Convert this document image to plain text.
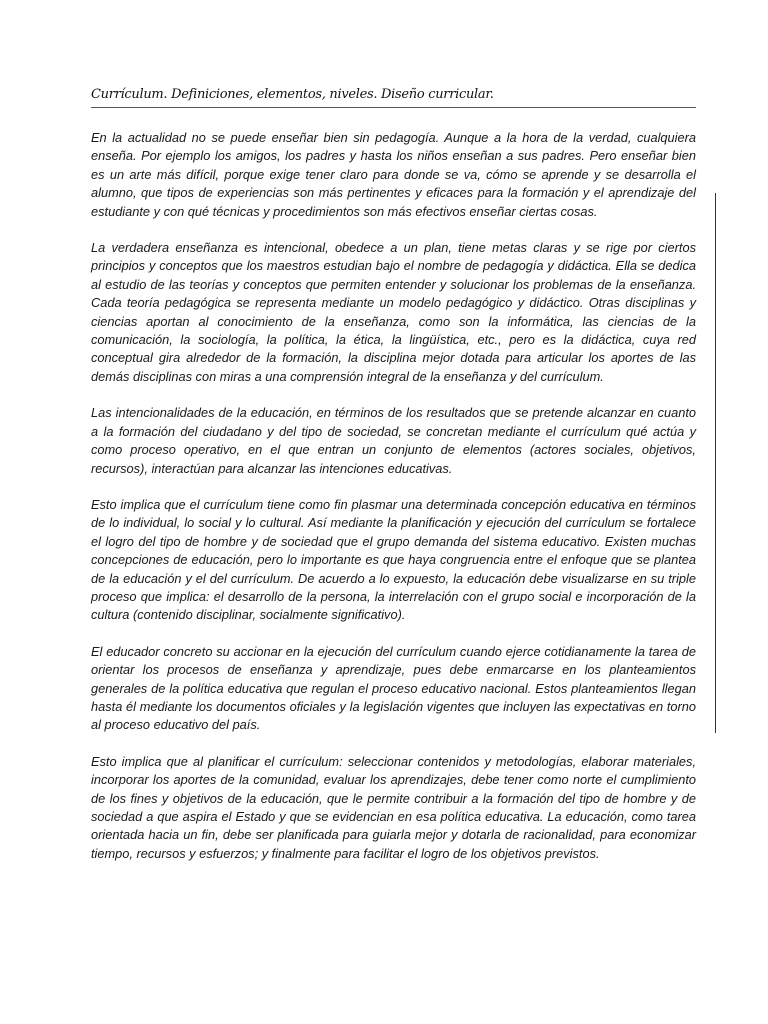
Currículum. Definiciones, elementos, niveles. Diseño curricular.

En la actualidad no se puede enseñar bien sin pedagogía. Aunque a la hora de la verdad, cualquiera enseña. Por ejemplo los amigos, los padres y hasta los niños enseñan a sus padres. Pero enseñar bien es un arte más difícil, porque exige tener claro para donde se va, cómo se aprende y se desarrolla el alumno, que tipos de experiencias son más pertinentes y eficaces para la formación y el aprendizaje del estudiante y con qué técnicas y procedimientos son más efectivos enseñar ciertas cosas.

La verdadera enseñanza es intencional, obedece a un plan, tiene metas claras y se rige por ciertos principios y conceptos que los maestros estudian bajo el nombre de pedagogía y didáctica. Ella se dedica al estudio de las teorías y conceptos que permiten entender y solucionar los problemas de la enseñanza. Cada teoría pedagógica se representa mediante un modelo pedagógico y didáctico. Otras disciplinas y ciencias aportan al conocimiento de la enseñanza, como son la informática, las ciencias de la comunicación, la sociología, la política, la ética, la lingüística, etc., pero es la didáctica, cuya red conceptual gira alrededor de la formación, la disciplina mejor dotada para articular los aportes de las demás disciplinas con miras a una comprensión integral de la enseñanza y del currículum.

Las intencionalidades de la educación, en términos de los resultados que se pretende alcanzar en cuanto a la formación del ciudadano y del tipo de sociedad, se concretan mediante el currículum qué actúa y como proceso operativo, en el que entran un conjunto de elementos (actores sociales, objetivos, recursos), interactúan para alcanzar las intenciones educativas.

Esto implica que el currículum tiene como fin plasmar una determinada concepción educativa en términos de lo individual, lo social y lo cultural. Así mediante la planificación y ejecución del currículum se fortalece el logro del tipo de hombre y de sociedad que el grupo demanda del sistema educativo. Existen muchas concepciones de educación, pero lo importante es que haya congruencia entre el enfoque que se plantea de la educación y el del currículum. De acuerdo a lo expuesto, la educación debe visualizarse en su triple proceso que implica: el desarrollo de la persona, la interrelación con el grupo social e incorporación de la cultura (contenido disciplinar, socialmente significativo).

El educador concreto su accionar en la ejecución del currículum cuando ejerce cotidianamente la tarea de orientar los procesos de enseñanza y aprendizaje, pues debe enmarcarse en los planteamientos generales de la política educativa que regulan el proceso educativo nacional. Estos planteamientos llegan hasta él mediante los documentos oficiales y la legislación vigentes que incluyen las expectativas en torno al proceso educativo del país.

Esto implica que al planificar el currículum: seleccionar contenidos y metodologías, elaborar materiales, incorporar los aportes de la comunidad, evaluar los aprendizajes, debe tener como norte el cumplimiento de los fines y objetivos de la educación, que le permite contribuir a la formación del tipo de hombre y de sociedad a que aspira el Estado y que se evidencian en esa política educativa. La educación, como tarea orientada hacia un fin, debe ser planificada para guiarla mejor y dotarla de racionalidad, para economizar tiempo, recursos y esfuerzos; y finalmente para facilitar el logro de los objetivos previstos.
